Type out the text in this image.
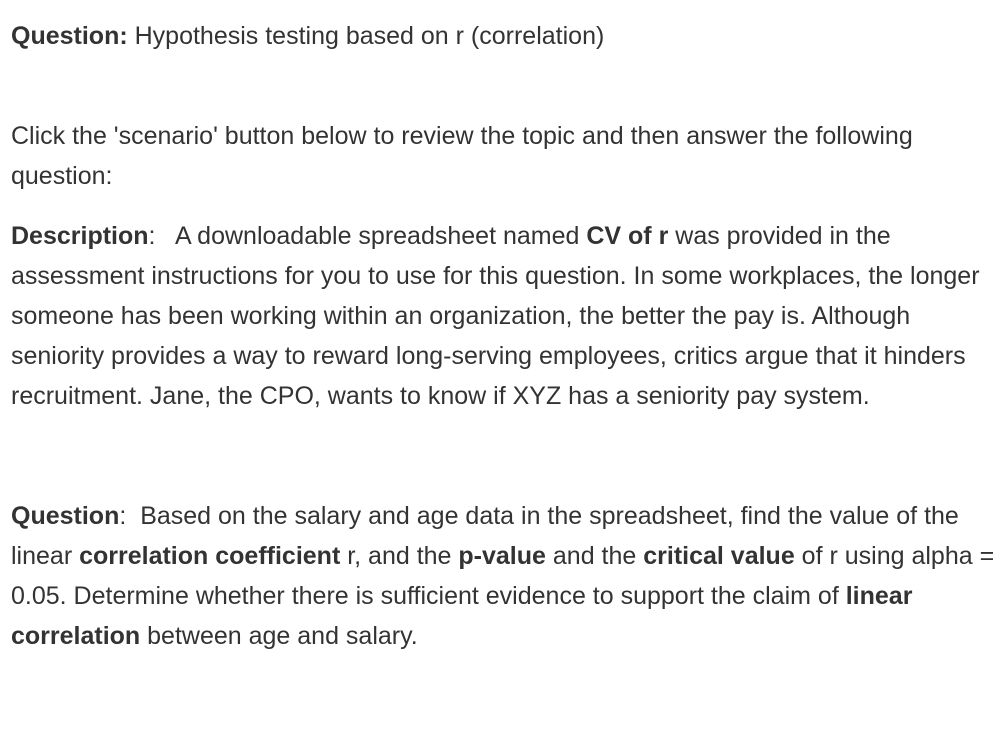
Question: Hypothesis testing based on r (correlation)

Click the 'scenario' button below to review the topic and then answer the following question:

Description:   A downloadable spreadsheet named CV of r was provided in the assessment instructions for you to use for this question. In some workplaces, the longer someone has been working within an organization, the better the pay is. Although seniority provides a way to reward long-serving employees, critics argue that it hinders recruitment. Jane, the CPO, wants to know if XYZ has a seniority pay system.

Question:  Based on the salary and age data in the spreadsheet, find the value of the linear correlation coefficient r, and the p-value and the critical value of r using alpha = 0.05. Determine whether there is sufficient evidence to support the claim of linear correlation between age and salary.
